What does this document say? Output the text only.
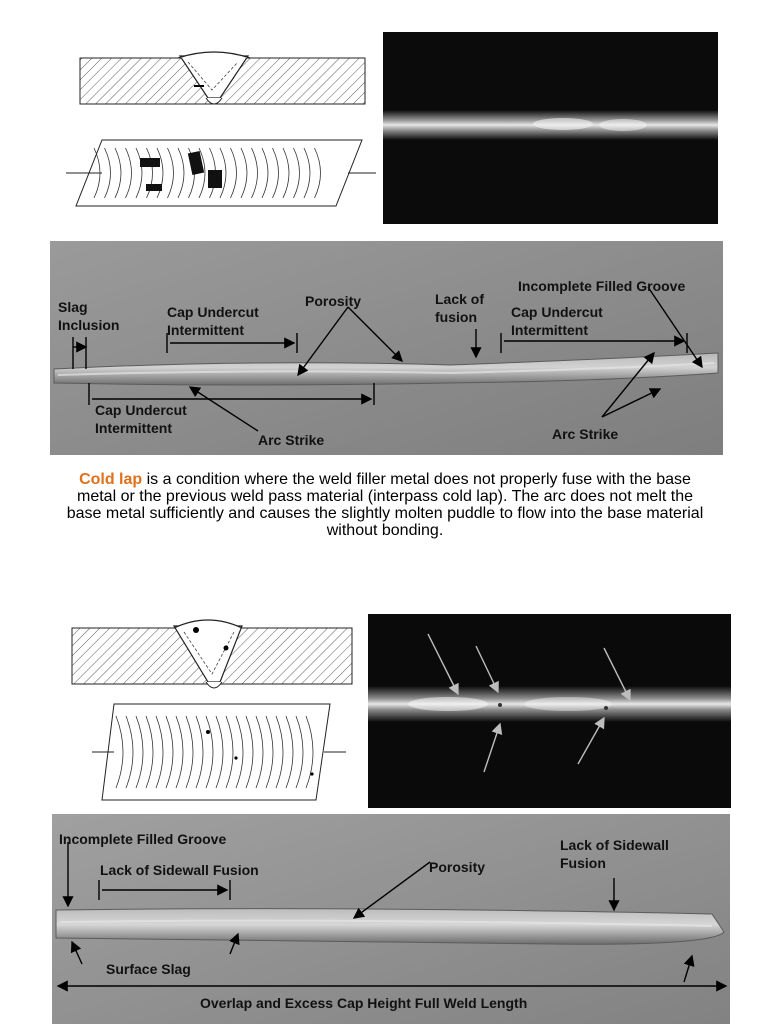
Slag
Inclusion
Cap Undercut
Intermittent
Porosity	Lack of
fusion
Incomplete Filled Groove
Cap Undercut
Intermittent
Cap Undercut
Intermittent
Arc Strike	Arc Strike
Cold lap is a condition where the weld filler metal does not properly fuse with the base metal or the previous weld pass material (interpass cold lap). The arc does not melt the base metal sufficiently and causes the slightly molten puddle to flow into the base material without bonding.
Incomplete Filled Groove
Lack of Sidewall Fusion	Porosity
Lack of Sidewall
Fusion
Surface Slag
Overlap and Excess Cap Height Full Weld Length
